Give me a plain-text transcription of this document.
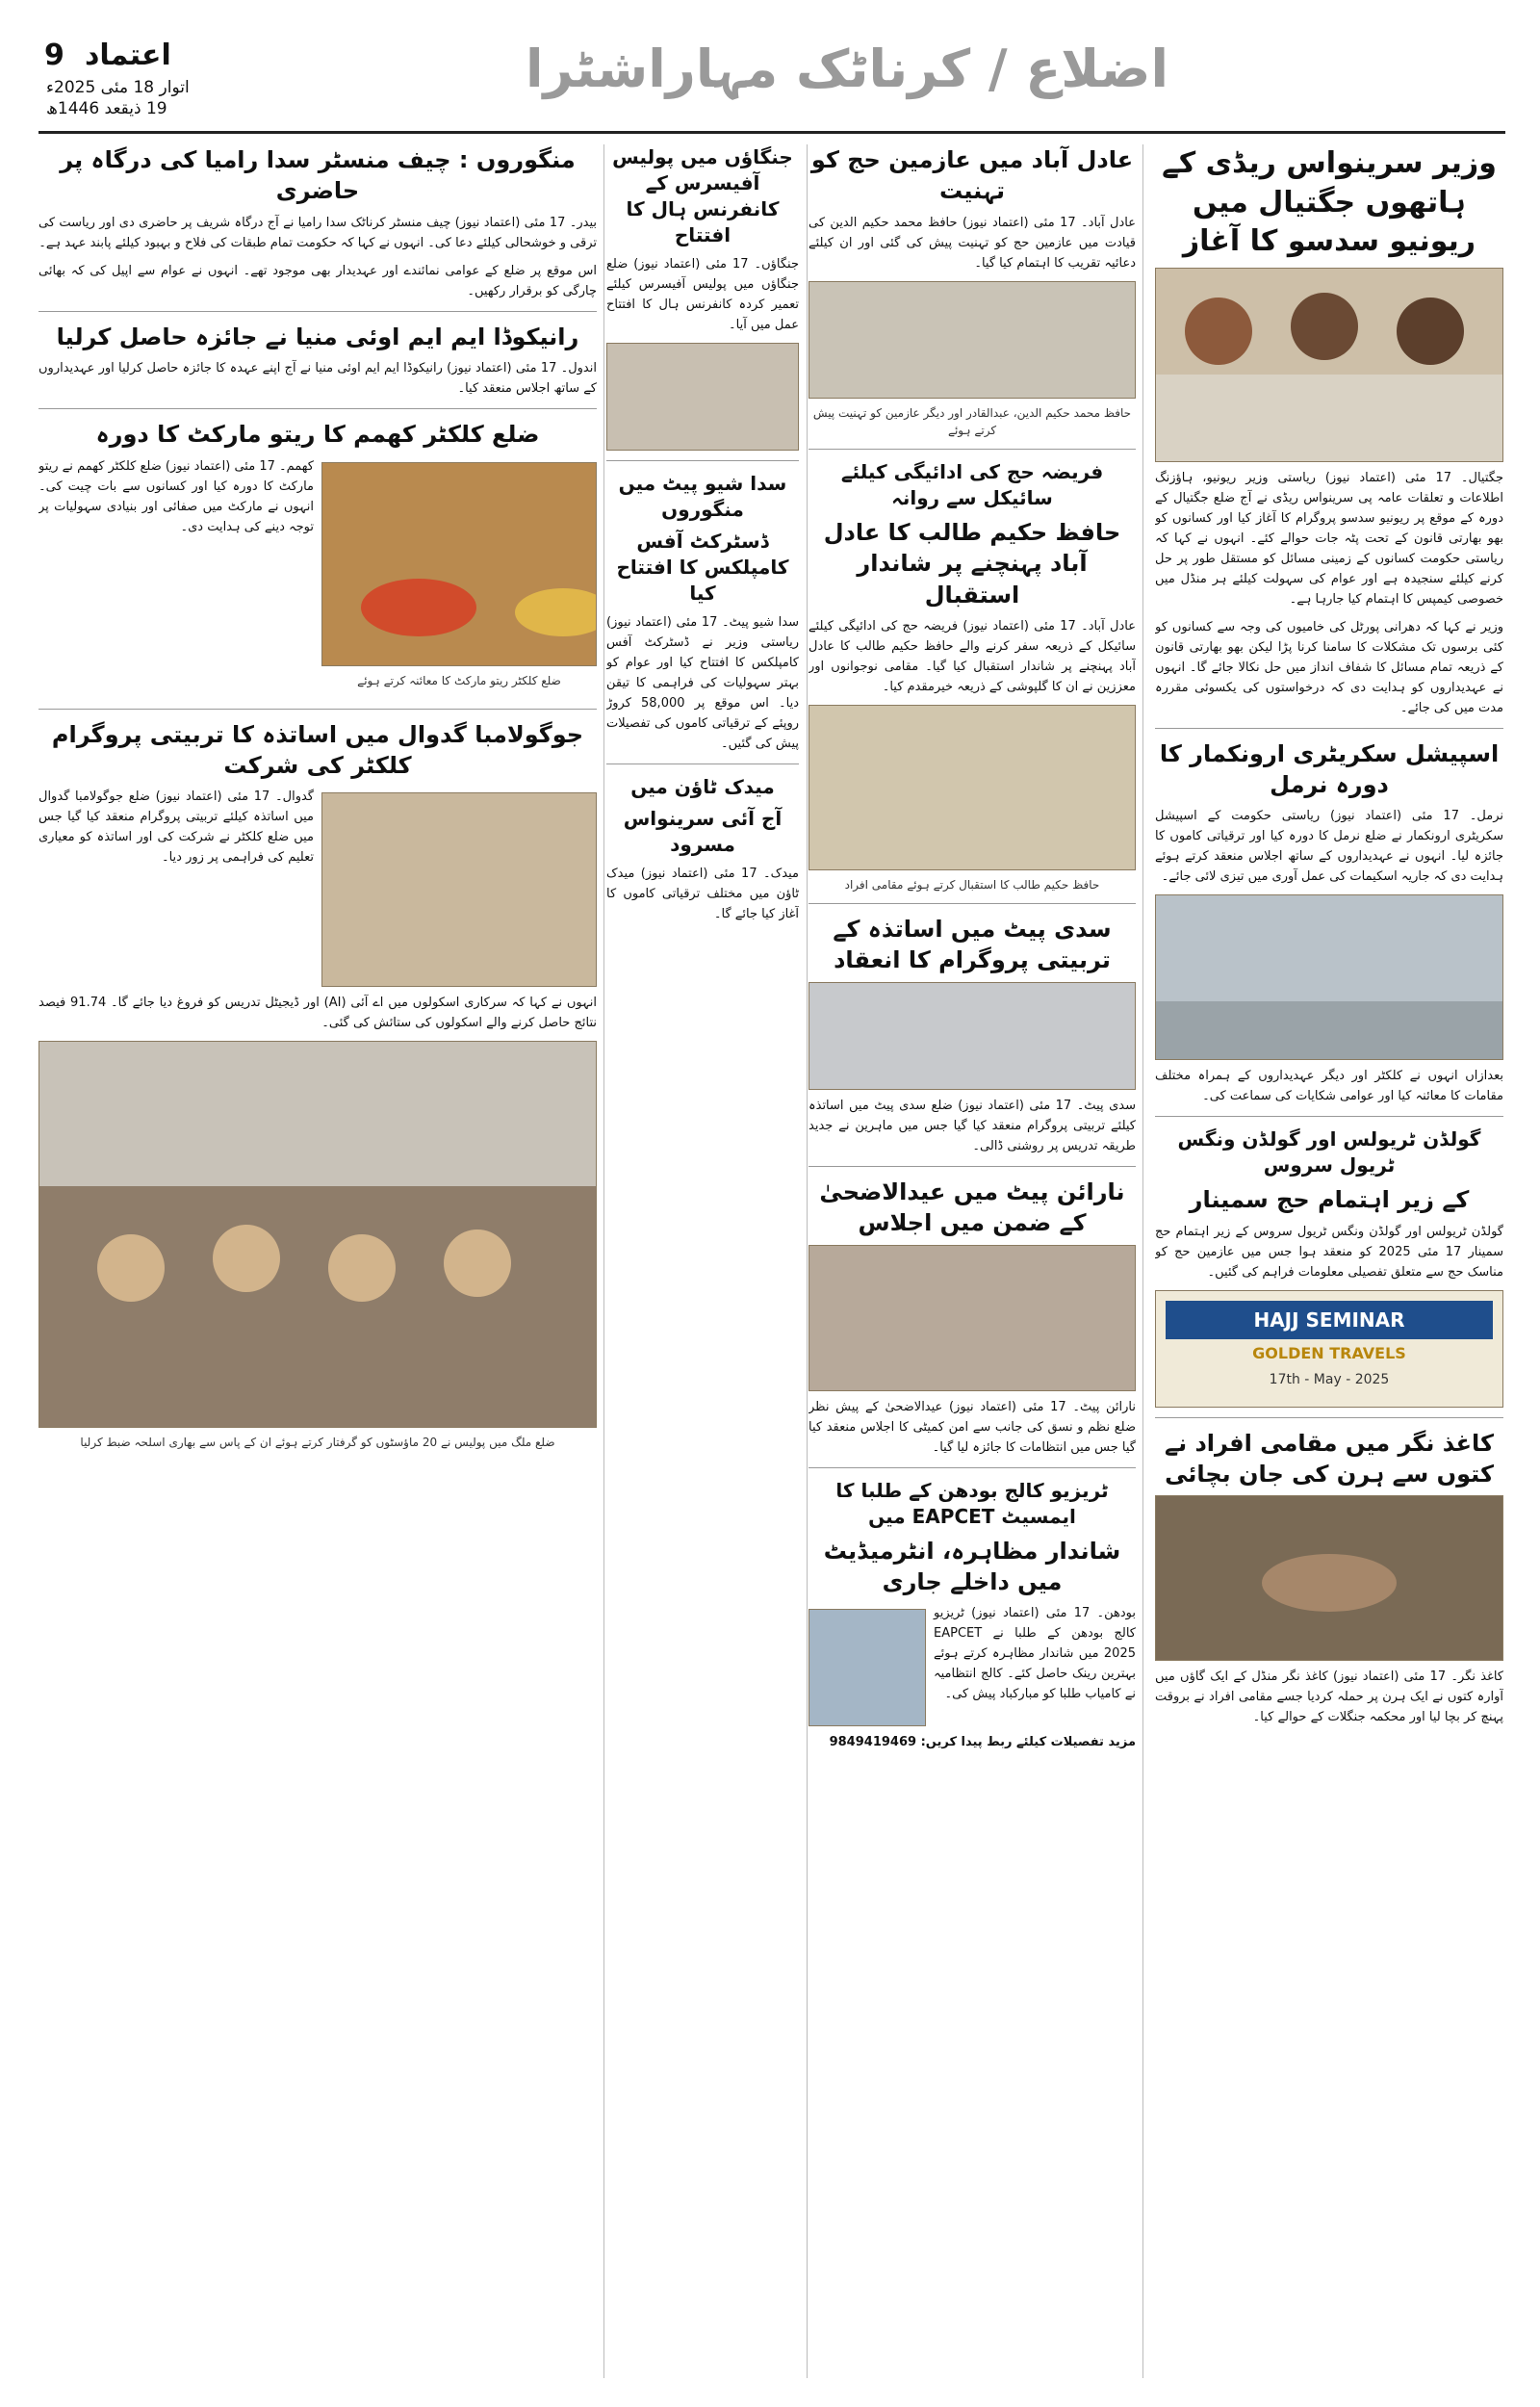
9 اعتماد
اتوار 18 مئی 2025ء
19 ذیقعد 1446ھ
اضلاع / کرناٹک مہاراشٹرا
وزیر سرینواس ریڈی کے ہاتھوں جگتیال میں ریونیو سدسو کا آغاز

جگتیال۔ 17 مئی (اعتماد نیوز) ریاستی وزیر ریونیو، ہاؤزنگ اطلاعات و تعلقات عامہ پی سرینواس ریڈی نے آج ضلع جگتیال کے دورہ کے موقع پر ریونیو سدسو پروگرام کا آغاز کیا اور کسانوں کو بھو بھارتی قانون کے تحت پٹہ جات حوالے کئے۔ انہوں نے کہا کہ ریاستی حکومت کسانوں کے زمینی مسائل کو مستقل طور پر حل کرنے کیلئے سنجیدہ ہے اور عوام کی سہولت کیلئے ہر منڈل میں خصوصی کیمپس کا اہتمام کیا جارہا ہے۔

وزیر نے کہا کہ دھرانی پورٹل کی خامیوں کی وجہ سے کسانوں کو کئی برسوں تک مشکلات کا سامنا کرنا پڑا لیکن بھو بھارتی قانون کے ذریعہ تمام مسائل کا شفاف انداز میں حل نکالا جائے گا۔ انہوں نے عہدیداروں کو ہدایت دی کہ درخواستوں کی یکسوئی مقررہ مدت میں کی جائے۔

اسپیشل سکریٹری ارونکمار کا دورہ نرمل

نرمل۔ 17 مئی (اعتماد نیوز) ریاستی حکومت کے اسپیشل سکریٹری ارونکمار نے ضلع نرمل کا دورہ کیا اور ترقیاتی کاموں کا جائزہ لیا۔ انہوں نے عہدیداروں کے ساتھ اجلاس منعقد کرتے ہوئے ہدایت دی کہ جاریہ اسکیمات کی عمل آوری میں تیزی لائی جائے۔

بعدازاں انہوں نے کلکٹر اور دیگر عہدیداروں کے ہمراہ مختلف مقامات کا معائنہ کیا اور عوامی شکایات کی سماعت کی۔

گولڈن ٹریولس اور گولڈن ونگس ٹریول سروس
کے زیر اہتمام حج سمینار

گولڈن ٹریولس اور گولڈن ونگس ٹریول سروس کے زیر اہتمام حج سمینار 17 مئی 2025 کو منعقد ہوا جس میں عازمین حج کو مناسک حج سے متعلق تفصیلی معلومات فراہم کی گئیں۔

HAJJ SEMINAR
GOLDEN TRAVELS
17th - May - 2025
کاغذ نگر میں مقامی افراد نے کتوں سے ہرن کی جان بچائی

کاغذ نگر۔ 17 مئی (اعتماد نیوز) کاغذ نگر منڈل کے ایک گاؤں میں آوارہ کتوں نے ایک ہرن پر حملہ کردیا جسے مقامی افراد نے بروقت پہنچ کر بچا لیا اور محکمہ جنگلات کے حوالے کیا۔

عادل آباد میں عازمین حج کو تہنیت

عادل آباد۔ 17 مئی (اعتماد نیوز) حافظ محمد حکیم الدین کی قیادت میں عازمین حج کو تہنیت پیش کی گئی اور ان کیلئے دعائیہ تقریب کا اہتمام کیا گیا۔

حافظ محمد حکیم الدین، عبدالقادر اور دیگر عازمین کو تہنیت پیش کرتے ہوئے
فریضہ حج کی ادائیگی کیلئے سائیکل سے روانہ
حافظ حکیم طالب کا عادل آباد پہنچنے پر شاندار استقبال

عادل آباد۔ 17 مئی (اعتماد نیوز) فریضہ حج کی ادائیگی کیلئے سائیکل کے ذریعہ سفر کرنے والے حافظ حکیم طالب کا عادل آباد پہنچنے پر شاندار استقبال کیا گیا۔ مقامی نوجوانوں اور معززین نے ان کا گلپوشی کے ذریعہ خیرمقدم کیا۔

حافظ حکیم طالب کا استقبال کرتے ہوئے مقامی افراد
سدی پیٹ میں اساتذہ کے تربیتی پروگرام کا انعقاد

سدی پیٹ۔ 17 مئی (اعتماد نیوز) ضلع سدی پیٹ میں اساتذہ کیلئے تربیتی پروگرام منعقد کیا گیا جس میں ماہرین نے جدید طریقہ تدریس پر روشنی ڈالی۔

نارائن پیٹ میں عیدالاضحیٰ کے ضمن میں اجلاس

نارائن پیٹ۔ 17 مئی (اعتماد نیوز) عیدالاضحیٰ کے پیش نظر ضلع نظم و نسق کی جانب سے امن کمیٹی کا اجلاس منعقد کیا گیا جس میں انتظامات کا جائزہ لیا گیا۔

ٹریزیو کالج بودھن کے طلبا کا ایمسیٹ EAPCET میں
شاندار مظاہرہ، انٹرمیڈیٹ میں داخلے جاری

بودھن۔ 17 مئی (اعتماد نیوز) ٹریزیو کالج بودھن کے طلبا نے EAPCET 2025 میں شاندار مظاہرہ کرتے ہوئے بہترین رینک حاصل کئے۔ کالج انتظامیہ نے کامیاب طلبا کو مبارکباد پیش کی۔

مزید تفصیلات کیلئے ربط پیدا کریں: 9849419469

جنگاؤں میں پولیس آفیسرس کے کانفرنس ہال کا افتتاح

جنگاؤں۔ 17 مئی (اعتماد نیوز) ضلع جنگاؤں میں پولیس آفیسرس کیلئے تعمیر کردہ کانفرنس ہال کا افتتاح عمل میں آیا۔

سدا شیو پیٹ میں منگوروں
ڈسٹرکٹ آفس کامپلکس کا افتتاح کیا

سدا شیو پیٹ۔ 17 مئی (اعتماد نیوز) ریاستی وزیر نے ڈسٹرکٹ آفس کامپلکس کا افتتاح کیا اور عوام کو بہتر سہولیات کی فراہمی کا تیقن دیا۔ اس موقع پر 58,000 کروڑ روپئے کے ترقیاتی کاموں کی تفصیلات پیش کی گئیں۔

میدک ٹاؤن میں
آج آئی سرینواس مسرود

میدک۔ 17 مئی (اعتماد نیوز) میدک ٹاؤن میں مختلف ترقیاتی کاموں کا آغاز کیا جائے گا۔

منگوروں : چیف منسٹر سدا رامیا کی درگاہ پر حاضری

بیدر۔ 17 مئی (اعتماد نیوز) چیف منسٹر کرناٹک سدا رامیا نے آج درگاہ شریف پر حاضری دی اور ریاست کی ترقی و خوشحالی کیلئے دعا کی۔ انہوں نے کہا کہ حکومت تمام طبقات کی فلاح و بہبود کیلئے پابند عہد ہے۔

اس موقع پر ضلع کے عوامی نمائندے اور عہدیدار بھی موجود تھے۔ انہوں نے عوام سے اپیل کی کہ بھائی چارگی کو برقرار رکھیں۔

رانیکوڈا ایم ایم اوئی منیا نے جائزہ حاصل کرلیا

اندول۔ 17 مئی (اعتماد نیوز) رانیکوڈا ایم ایم اوئی منیا نے آج اپنے عہدہ کا جائزہ حاصل کرلیا اور عہدیداروں کے ساتھ اجلاس منعقد کیا۔

ضلع کلکٹر کھمم کا ریتو مارکٹ کا دورہ
ضلع کلکٹر ریتو مارکٹ کا معائنہ کرتے ہوئے

کھمم۔ 17 مئی (اعتماد نیوز) ضلع کلکٹر کھمم نے ریتو مارکٹ کا دورہ کیا اور کسانوں سے بات چیت کی۔ انہوں نے مارکٹ میں صفائی اور بنیادی سہولیات پر توجہ دینے کی ہدایت دی۔

جوگولامبا گدوال میں اساتذہ کا تربیتی پروگرام کلکٹر کی شرکت

گدوال۔ 17 مئی (اعتماد نیوز) ضلع جوگولامبا گدوال میں اساتذہ کیلئے تربیتی پروگرام منعقد کیا گیا جس میں ضلع کلکٹر نے شرکت کی اور اساتذہ کو معیاری تعلیم کی فراہمی پر زور دیا۔

انہوں نے کہا کہ سرکاری اسکولوں میں اے آئی (AI) اور ڈیجیٹل تدریس کو فروغ دیا جائے گا۔ 91.74 فیصد نتائج حاصل کرنے والے اسکولوں کی ستائش کی گئی۔

ضلع ملگ میں پولیس نے 20 ماؤسٹوں کو گرفتار کرتے ہوئے ان کے پاس سے بھاری اسلحہ ضبط کرلیا
